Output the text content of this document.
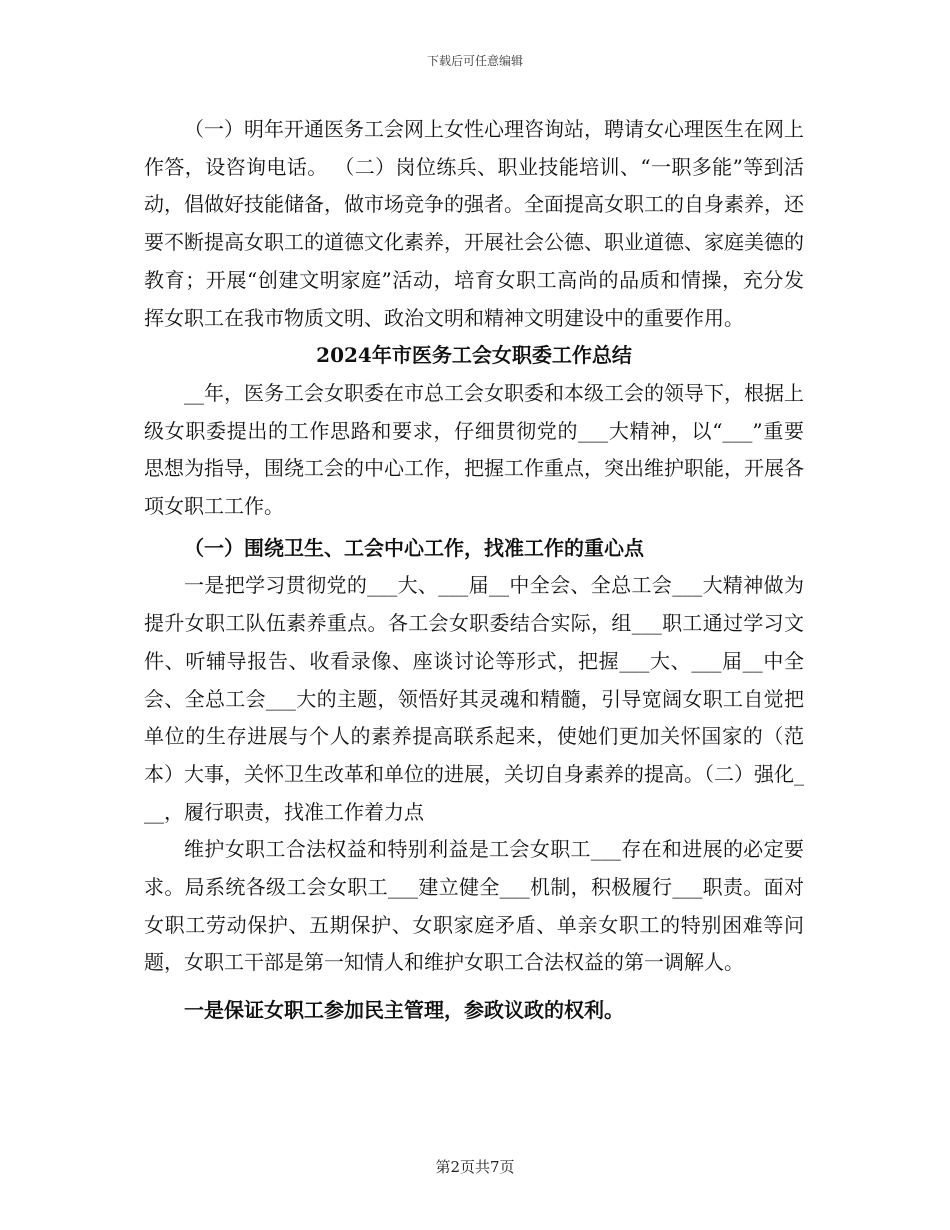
下载后可任意编辑

（一）明年开通医务工会网上女性心理咨询站，聘请女心理医生在网上作答，设咨询电话。 （二）岗位练兵、职业技能培训、“一职多能”等到活动，倡做好技能储备，做市场竞争的强者。全面提高女职工的自身素养，还要不断提高女职工的道德文化素养，开展社会公德、职业道德、家庭美德的教育；开展“创建文明家庭”活动，培育女职工高尚的品质和情操，充分发挥女职工在我市物质文明、政治文明和精神文明建设中的重要作用。

2024年市医务工会女职委工作总结

__年，医务工会女职委在市总工会女职委和本级工会的领导下，根据上级女职委提出的工作思路和要求，仔细贯彻党的___大精神，以“___”重要思想为指导，围绕工会的中心工作，把握工作重点，突出维护职能，开展各项女职工工作。

（一）围绕卫生、工会中心工作，找准工作的重心点

一是把学习贯彻党的___大、___届__中全会、全总工会___大精神做为提升女职工队伍素养重点。各工会女职委结合实际，组___职工通过学习文件、听辅导报告、收看录像、座谈讨论等形式，把握___大、___届__中全会、全总工会___大的主题，领悟好其灵魂和精髓，引导宽阔女职工自觉把单位的生存进展与个人的素养提高联系起来，使她们更加关怀国家的（范本）大事，关怀卫生改革和单位的进展，关切自身素养的提高。（二）强化___，履行职责，找准工作着力点

维护女职工合法权益和特别利益是工会女职工___存在和进展的必定要求。局系统各级工会女职工___建立健全___机制，积极履行___职责。面对女职工劳动保护、五期保护、女职家庭矛盾、单亲女职工的特别困难等问题，女职工干部是第一知情人和维护女职工合法权益的第一调解人。

一是保证女职工参加民主管理，参政议政的权利。

第2页共7页
